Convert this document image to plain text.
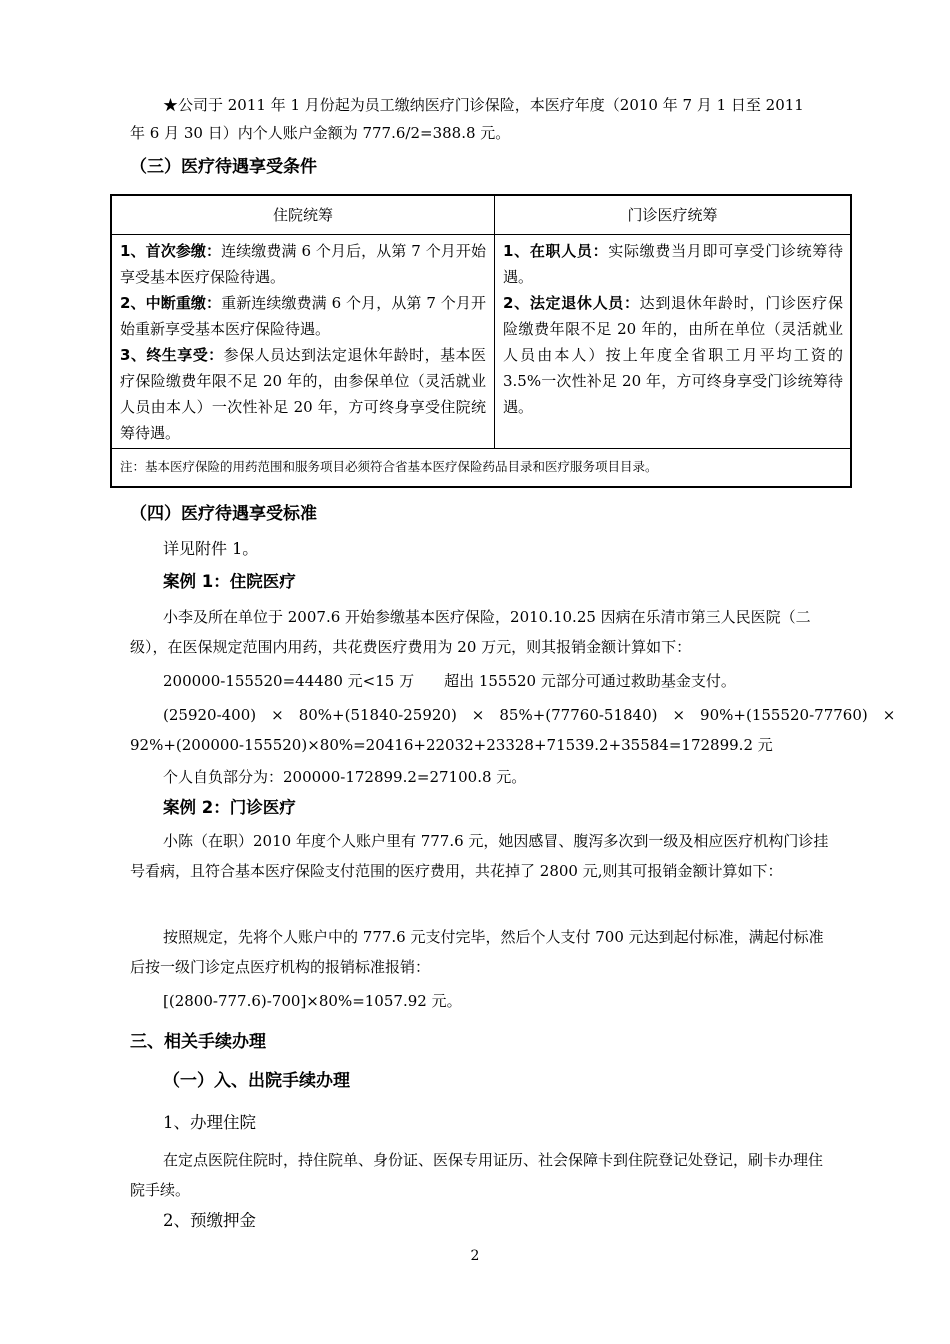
★公司于 2011 年 1 月份起为员工缴纳医疗门诊保险，本医疗年度（2010 年 7 月 1 日至 2011

年 6 月 30 日）内个人账户金额为 777.6/2=388.8 元。

（三）医疗待遇享受条件

住院统筹	门诊医疗统筹
1、首次参缴：连续缴费满 6 个月后，从第 7 个月开始享受基本医疗保险待遇。
2、中断重缴：重新连续缴费满 6 个月，从第 7 个月开始重新享受基本医疗保险待遇。
3、终生享受：参保人员达到法定退休年龄时，基本医疗保险缴费年限不足 20 年的，由参保单位（灵活就业人员由本人）一次性补足 20 年，方可终身享受住院统筹待遇。
1、在职人员：实际缴费当月即可享受门诊统筹待遇。
2、法定退休人员：达到退休年龄时，门诊医疗保险缴费年限不足 20 年的，由所在单位（灵活就业人员由本人）按上年度全省职工月平均工资的 3.5%一次性补足 20 年，方可终身享受门诊统筹待遇。
注：基本医疗保险的用药范围和服务项目必须符合省基本医疗保险药品目录和医疗服务项目目录。

（四）医疗待遇享受标准

详见附件 1。

案例 1：住院医疗

小李及所在单位于 2007.6 开始参缴基本医疗保险，2010.10.25 因病在乐清市第三人民医院（二级），在医保规定范围内用药，共花费医疗费用为 20 万元，则其报销金额计算如下：

200000-155520=44480 元<15 万　　超出 155520 元部分可通过救助基金支付。

(25920-400)　×　80%+(51840-25920)　×　85%+(77760-51840)　×　90%+(155520-77760)　×

92%+(200000-155520)×80%=20416+22032+23328+71539.2+35584=172899.2 元

个人自负部分为：200000-172899.2=27100.8 元。

案例 2：门诊医疗

小陈（在职）2010 年度个人账户里有 777.6 元，她因感冒、腹泻多次到一级及相应医疗机构门诊挂号看病，且符合基本医疗保险支付范围的医疗费用，共花掉了 2800 元,则其可报销金额计算如下：

按照规定，先将个人账户中的 777.6 元支付完毕，然后个人支付 700 元达到起付标准，满起付标准后按一级门诊定点医疗机构的报销标准报销：

[(2800-777.6)-700]×80%=1057.92 元。

三、相关手续办理

（一）入、出院手续办理

1、办理住院

在定点医院住院时，持住院单、身份证、医保专用证历、社会保障卡到住院登记处登记，刷卡办理住院手续。

2、预缴押金

2
